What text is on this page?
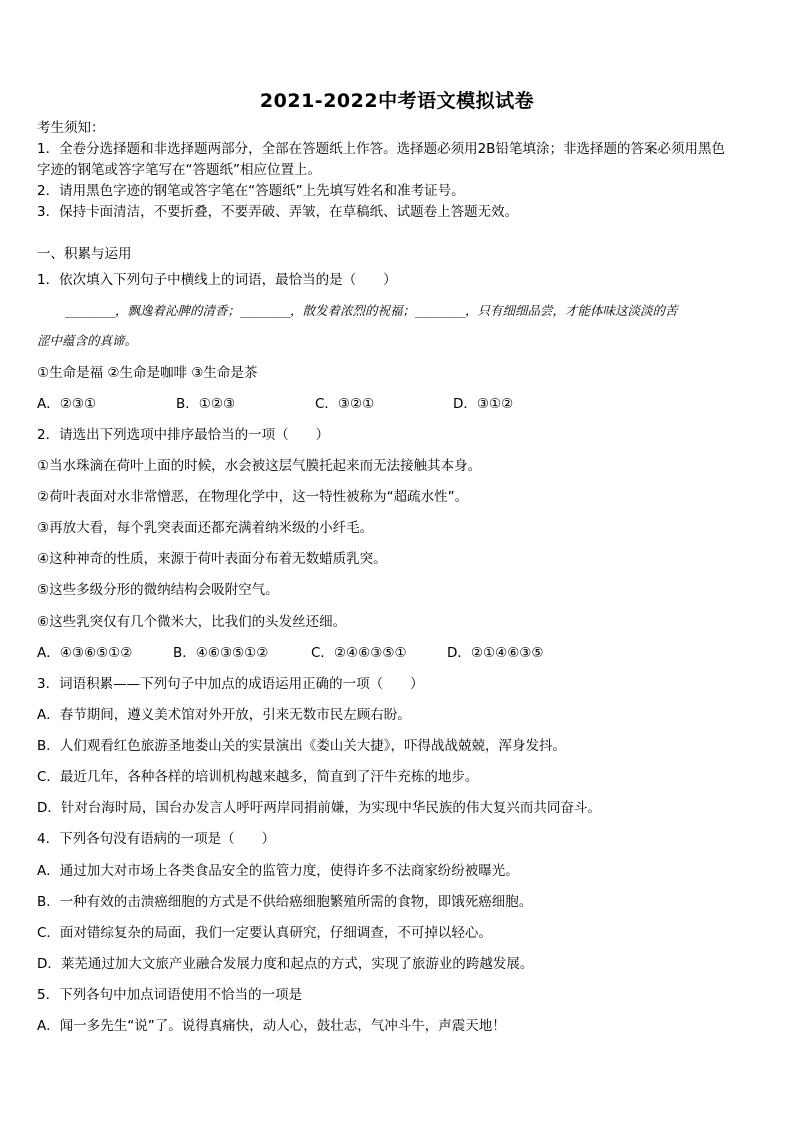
2021-2022中考语文模拟试卷
考生须知：
1．全卷分选择题和非选择题两部分，全部在答题纸上作答。选择题必须用2B铅笔填涂；非选择题的答案必须用黑色
字迹的钢笔或答字笔写在“答题纸”相应位置上。
2．请用黑色字迹的钢笔或答字笔在“答题纸”上先填写姓名和准考证号。
3．保持卡面清洁，不要折叠，不要弄破、弄皱，在草稿纸、试题卷上答题无效。
一、积累与运用
1．依次填入下列句子中横线上的词语，最恰当的是（　　）
________，飘逸着沁脾的清香；________，散发着浓烈的祝福；________，只有细细品尝，才能体味这淡淡的苦
涩中蕴含的真谛。
①生命是福 ②生命是咖啡 ③生命是茶
A．②③①	B．①②③	C．③②①	D．③①②
2．请选出下列选项中排序最恰当的一项（　　）
①当水珠滴在荷叶上面的时候，水会被这层气膜托起来而无法接触其本身。
②荷叶表面对水非常憎恶，在物理化学中，这一特性被称为“超疏水性”。
③再放大看，每个乳突表面还都充满着纳米级的小纤毛。
④这种神奇的性质，来源于荷叶表面分布着无数蜡质乳突。
⑤这些多级分形的微纳结构会吸附空气。
⑥这些乳突仅有几个微米大，比我们的头发丝还细。
A．④③⑥⑤①②	B．④⑥③⑤①②	C．②④⑥③⑤①	D．②①④⑥③⑤
3．词语积累——下列句子中加点的成语运用正确的一项（　　）
A．春节期间，遵义美术馆对外开放，引来无数市民左顾右盼。
B．人们观看红色旅游圣地娄山关的实景演出《娄山关大捷》，吓得战战兢兢，浑身发抖。
C．最近几年，各种各样的培训机构越来越多，简直到了汗牛充栋的地步。
D．针对台海时局，国台办发言人呼吁两岸同捐前嫌，为实现中华民族的伟大复兴而共同奋斗。
4．下列各句没有语病的一项是（　　）
A．通过加大对市场上各类食品安全的监管力度，使得许多不法商家纷纷被曝光。
B．一种有效的击溃癌细胞的方式是不供给癌细胞繁殖所需的食物，即饿死癌细胞。
C．面对错综复杂的局面，我们一定要认真研究，仔细调查，不可掉以轻心。
D．莱芜通过加大文旅产业融合发展力度和起点的方式，实现了旅游业的跨越发展。
5．下列各句中加点词语使用不恰当的一项是
A．闻一多先生“说”了。说得真痛快，动人心，鼓壮志，气冲斗牛，声震天地！
